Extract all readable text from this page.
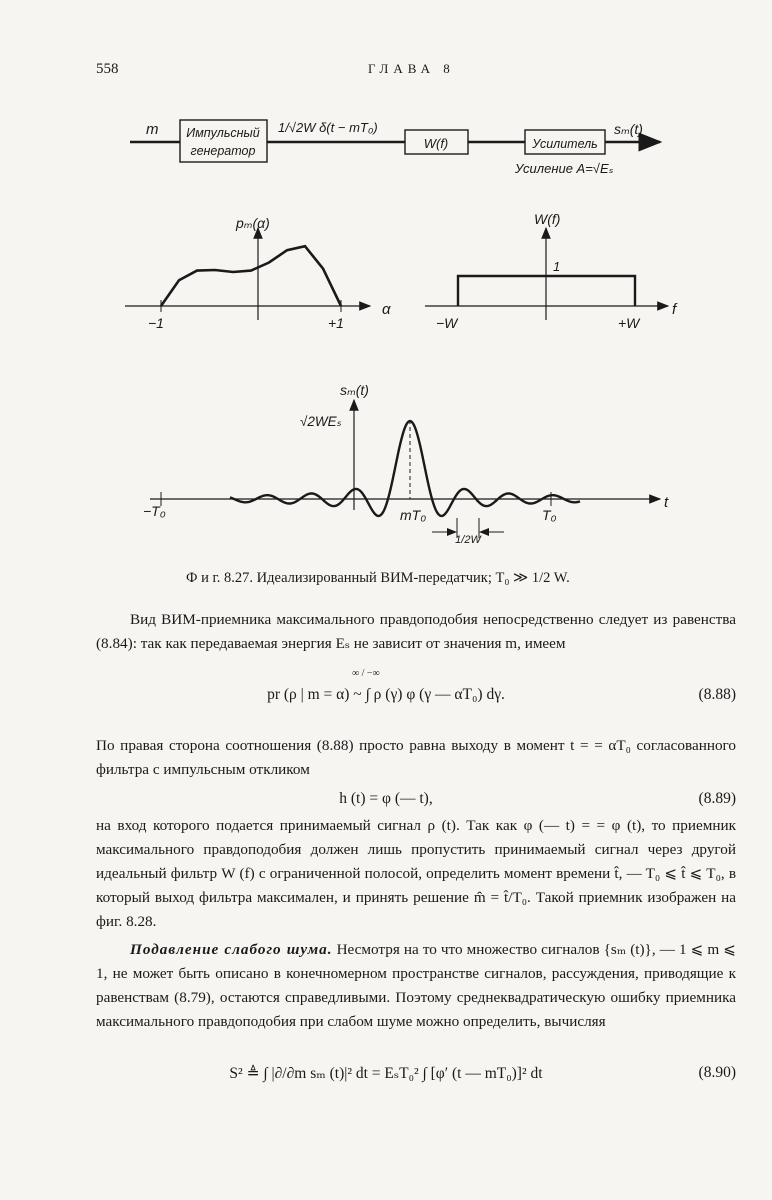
558	ГЛАВА 8
m Импульсный
генератор
1/√2W δ(t − mT₀)
W(f)	Усилитель
sₘ(t)
Усиление A=√Eₛ
pₘ(α)
α
−1	+1
W(f)
f
1
−W	+W
sₘ(t)
t
√2WEₛ
−T₀	mT₀	T₀
1/2W
Ф и г. 8.27. Идеализированный ВИМ-передатчик; T₀ ≫ 1/2 W.

Вид ВИМ-приемника максимального правдоподобия непосредственно следует из равенства (8.84): так как передаваемая энергия Eₛ не зависит от значения m, имеем

pr (ρ | m = α) ~ ∫ ρ (γ) φ (γ — αT₀) dγ.	(8.88)
∞ / −∞

По правая сторона соотношения (8.88) просто равна выходу в момент t = = αT₀ согласованного фильтра с импульсным откликом

h (t) = φ (— t),	(8.89)

на вход которого подается принимаемый сигнал ρ (t). Так как φ (— t) = = φ (t), то приемник максимального правдоподобия должен лишь пропустить принимаемый сигнал через другой идеальный фильтр W (f) с ограниченной полосой, определить момент времени t̂, — T₀ ⩽ t̂ ⩽ T₀, в который выход фильтра максимален, и принять решение m̂ = t̂/T₀. Такой приемник изображен на фиг. 8.28.

Подавление слабого шума. Несмотря на то что множество сигналов {sₘ (t)}, — 1 ⩽ m ⩽ 1, не может быть описано в конечномерном пространстве сигналов, рассуждения, приводящие к равенствам (8.79), остаются справедливыми. Поэтому среднеквадратическую ошибку приемника максимального правдоподобия при слабом шуме можно определить, вычисляя

S² ≜ ∫ |∂/∂m sₘ (t)|² dt = EₛT₀² ∫ [φ′ (t — mT₀)]² dt	(8.90)
